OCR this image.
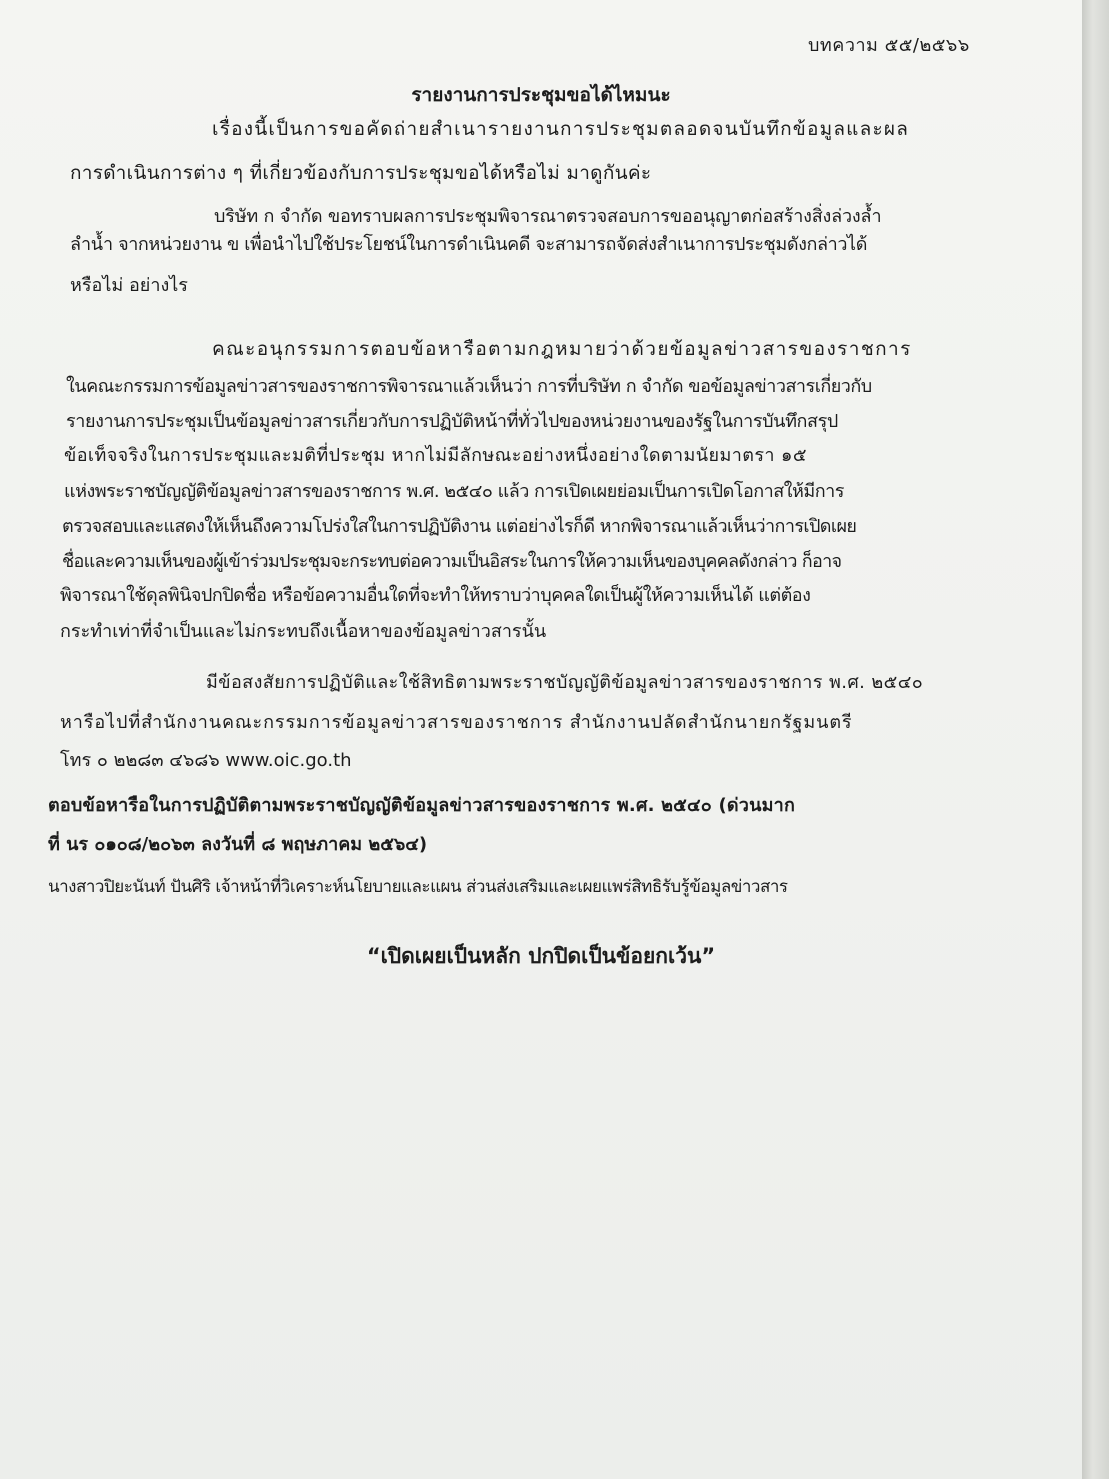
บทความ ๕๕/๒๕๖๖
รายงานการประชุมขอได้ไหมนะ
เรื่องนี้เป็นการขอคัดถ่ายสำเนารายงานการประชุมตลอดจนบันทึกข้อมูลและผล
การดำเนินการต่าง ๆ ที่เกี่ยวข้องกับการประชุมขอได้หรือไม่ มาดูกันค่ะ
บริษัท ก จำกัด ขอทราบผลการประชุมพิจารณาตรวจสอบการขออนุญาตก่อสร้างสิ่งล่วงล้ำ
ลำน้ำ จากหน่วยงาน ข เพื่อนำไปใช้ประโยชน์ในการดำเนินคดี จะสามารถจัดส่งสำเนาการประชุมดังกล่าวได้
หรือไม่ อย่างไร
คณะอนุกรรมการตอบข้อหารือตามกฎหมายว่าด้วยข้อมูลข่าวสารของราชการ
ในคณะกรรมการข้อมูลข่าวสารของราชการพิจารณาแล้วเห็นว่า การที่บริษัท ก จำกัด ขอข้อมูลข่าวสารเกี่ยวกับ
รายงานการประชุมเป็นข้อมูลข่าวสารเกี่ยวกับการปฏิบัติหน้าที่ทั่วไปของหน่วยงานของรัฐในการบันทึกสรุป
ข้อเท็จจริงในการประชุมและมติที่ประชุม หากไม่มีลักษณะอย่างหนึ่งอย่างใดตามนัยมาตรา ๑๕
แห่งพระราชบัญญัติข้อมูลข่าวสารของราชการ พ.ศ. ๒๕๔๐ แล้ว การเปิดเผยย่อมเป็นการเปิดโอกาสให้มีการ
ตรวจสอบและแสดงให้เห็นถึงความโปร่งใสในการปฏิบัติงาน แต่อย่างไรก็ดี หากพิจารณาแล้วเห็นว่าการเปิดเผย
ชื่อและความเห็นของผู้เข้าร่วมประชุมจะกระทบต่อความเป็นอิสระในการให้ความเห็นของบุคคลดังกล่าว ก็อาจ
พิจารณาใช้ดุลพินิจปกปิดชื่อ หรือข้อความอื่นใดที่จะทำให้ทราบว่าบุคคลใดเป็นผู้ให้ความเห็นได้ แต่ต้อง
กระทำเท่าที่จำเป็นและไม่กระทบถึงเนื้อหาของข้อมูลข่าวสารนั้น
มีข้อสงสัยการปฏิบัติและใช้สิทธิตามพระราชบัญญัติข้อมูลข่าวสารของราชการ พ.ศ. ๒๕๔๐
หารือไปที่สำนักงานคณะกรรมการข้อมูลข่าวสารของราชการ สำนักงานปลัดสำนักนายกรัฐมนตรี
โทร ๐ ๒๒๘๓ ๔๖๘๖ www.oic.go.th
ตอบข้อหารือในการปฏิบัติตามพระราชบัญญัติข้อมูลข่าวสารของราชการ พ.ศ. ๒๕๔๐ (ด่วนมาก
ที่ นร ๐๑๐๘/๒๐๖๓ ลงวันที่ ๘ พฤษภาคม ๒๕๖๔)
นางสาวปิยะนันท์ ปันศิริ เจ้าหน้าที่วิเคราะห์นโยบายและแผน ส่วนส่งเสริมและเผยแพร่สิทธิรับรู้ข้อมูลข่าวสาร
“เปิดเผยเป็นหลัก ปกปิดเป็นข้อยกเว้น”
